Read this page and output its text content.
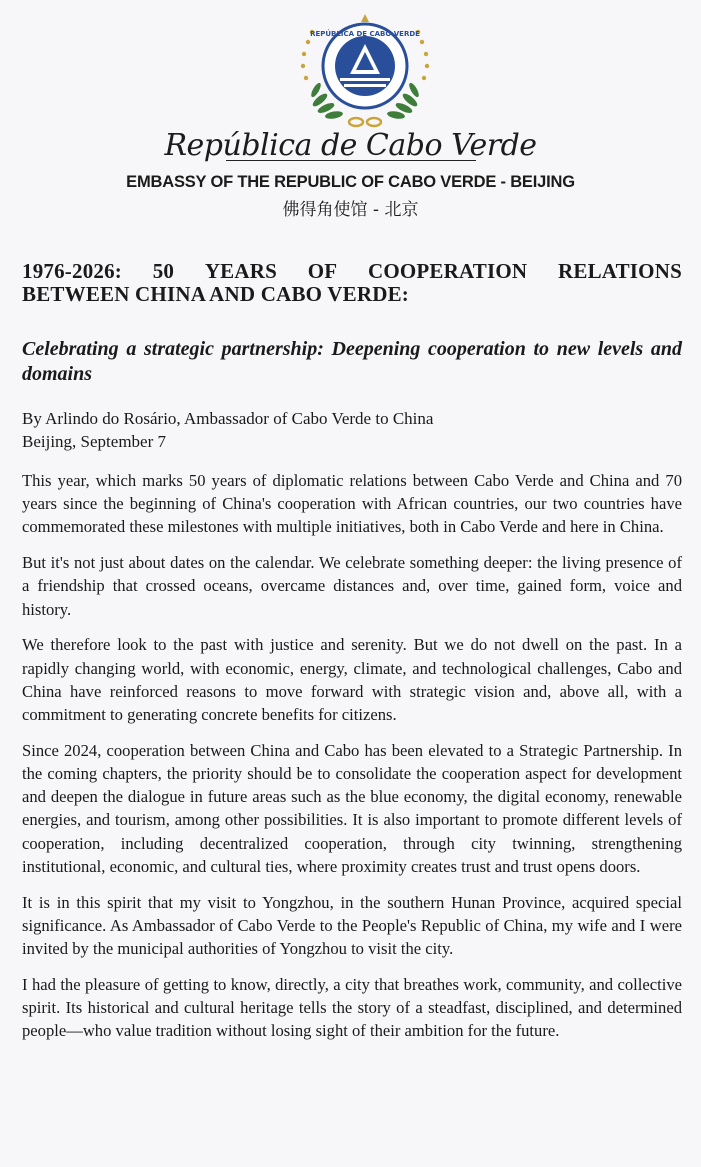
REPÚBLICA DE CABO VERDE
República de Cabo Verde
EMBASSY OF THE REPUBLIC OF CABO VERDE - BEIJING
佛得角使馆 - 北京
1976-2026: 50 YEARS OF COOPERATION RELATIONS
BETWEEN CHINA AND CABO VERDE:
Celebrating a strategic partnership: Deepening cooperation to new levels and domains
By Arlindo do Rosário, Ambassador of Cabo Verde to China
Beijing, September 7

This year, which marks 50 years of diplomatic relations between Cabo Verde and China and 70 years since the beginning of China's cooperation with African countries, our two countries have commemorated these milestones with multiple initiatives, both in Cabo Verde and here in China.

But it's not just about dates on the calendar. We celebrate something deeper: the living presence of a friendship that crossed oceans, overcame distances and, over time, gained form, voice and history.

We therefore look to the past with justice and serenity. But we do not dwell on the past. In a rapidly changing world, with economic, energy, climate, and technological challenges, Cabo and China have reinforced reasons to move forward with strategic vision and, above all, with a commitment to generating concrete benefits for citizens.

Since 2024, cooperation between China and Cabo has been elevated to a Strategic Partnership. In the coming chapters, the priority should be to consolidate the cooperation aspect for development and deepen the dialogue in future areas such as the blue economy, the digital economy, renewable energies, and tourism, among other possibilities. It is also important to promote different levels of cooperation, including decentralized cooperation, through city twinning, strengthening institutional, economic, and cultural ties, where proximity creates trust and trust opens doors.

It is in this spirit that my visit to Yongzhou, in the southern Hunan Province, acquired special significance. As Ambassador of Cabo Verde to the People's Republic of China, my wife and I were invited by the municipal authorities of Yongzhou to visit the city.

I had the pleasure of getting to know, directly, a city that breathes work, community, and collective spirit. Its historical and cultural heritage tells the story of a steadfast, disciplined, and determined people—who value tradition without losing sight of their ambition for the future.
